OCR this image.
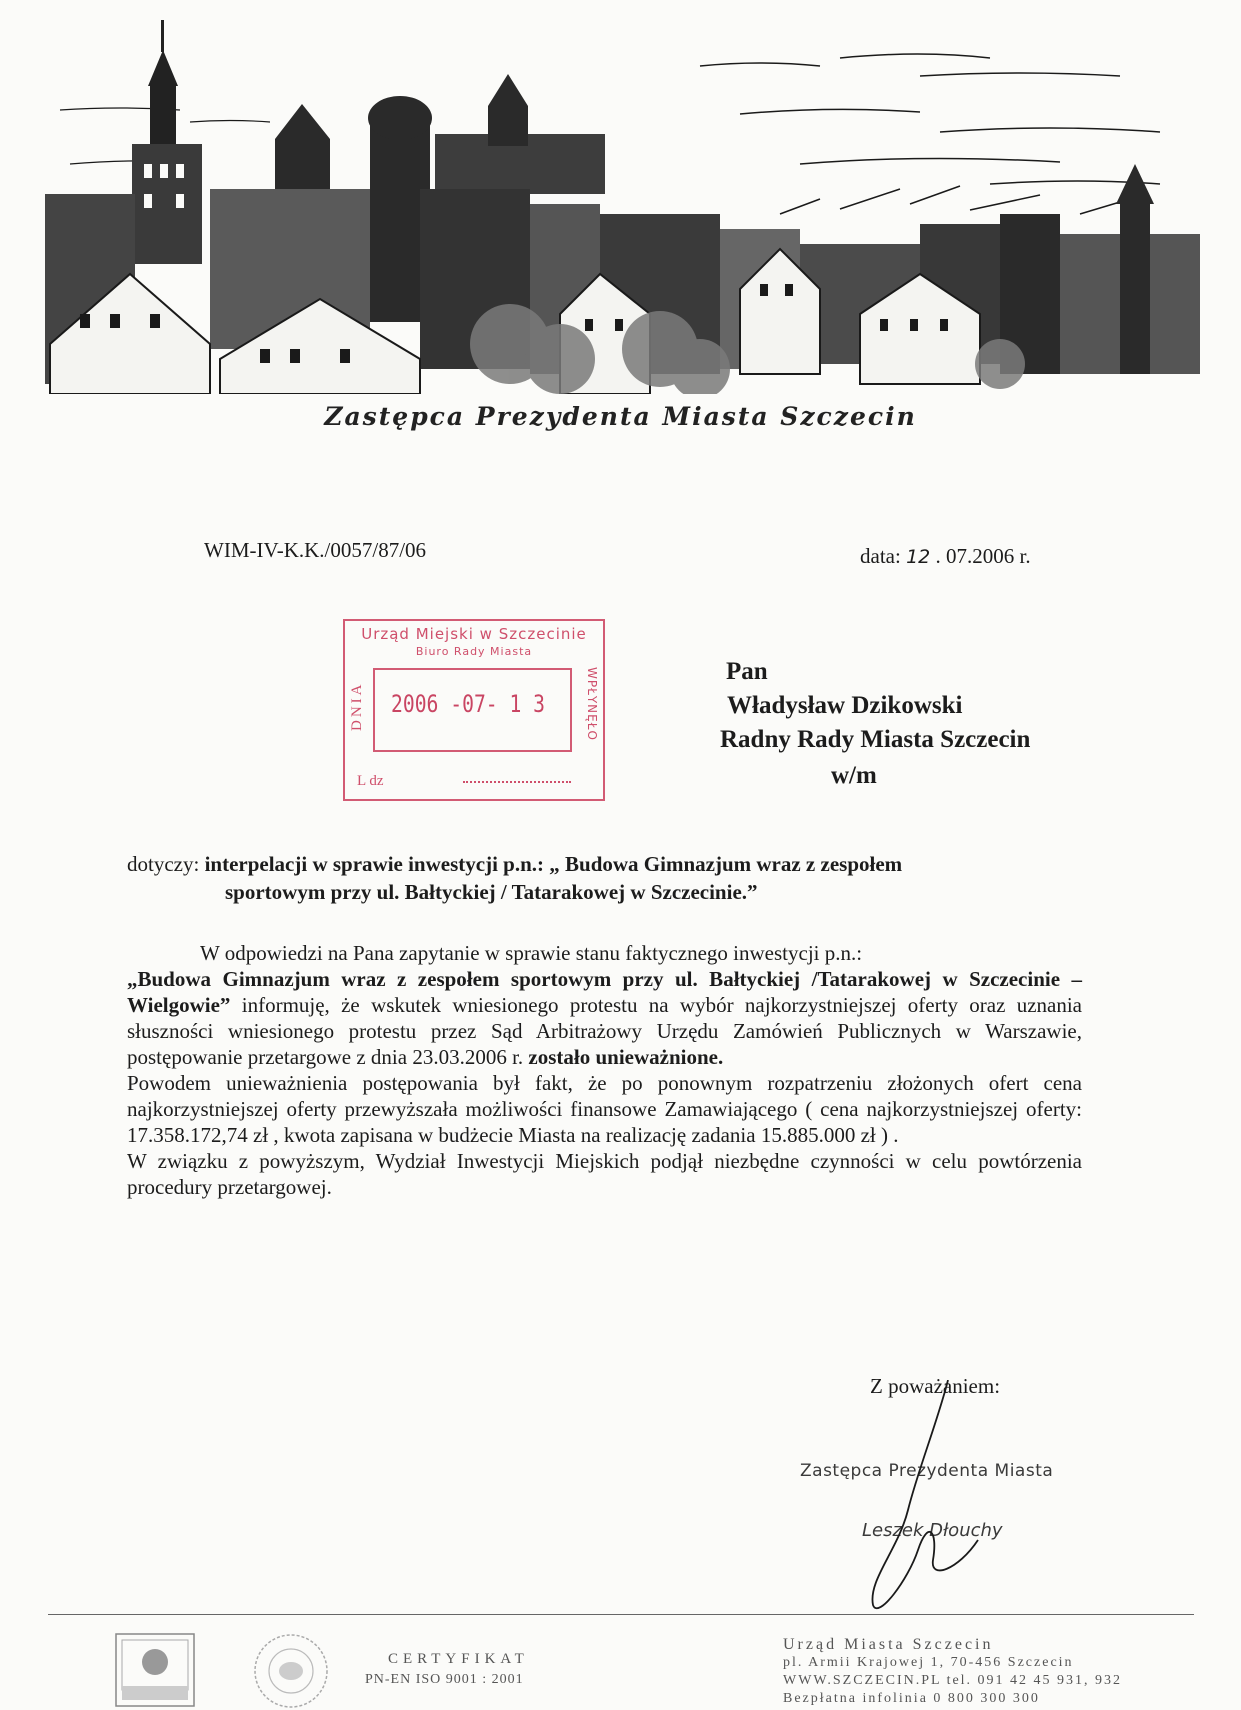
Zastępca Prezydenta Miasta Szczecin
WIM-IV-K.K./0057/87/06	data: 12 . 07.2006 r.
Urząd Miejski w Szczecinie
Biuro Rady Miasta
2006 -07- 1 3
DNIA	WPŁYNĘŁO
L dz
Pan
Władysław Dzikowski
Radny Rady Miasta Szczecin
w/m
dotyczy: interpelacji w sprawie inwestycji p.n.: „ Budowa Gimnazjum wraz z zespołem
sportowym przy ul. Bałtyckiej / Tatarakowej w Szczecinie.”

W odpowiedzi na Pana zapytanie w sprawie stanu faktycznego inwestycji p.n.:
„Budowa Gimnazjum wraz z zespołem sportowym przy ul. Bałtyckiej /Tatarakowej w Szczecinie – Wielgowie” informuję, że wskutek wniesionego protestu na wybór najkorzystniejszej oferty oraz uznania słuszności wniesionego protestu przez Sąd Arbitrażowy Urzędu Zamówień Publicznych w Warszawie, postępowanie przetargowe z dnia 23.03.2006 r. zostało unieważnione.

Powodem unieważnienia postępowania był fakt, że po ponownym rozpatrzeniu złożonych ofert cena najkorzystniejszej oferty przewyższała możliwości finansowe Zamawiającego ( cena najkorzystniejszej oferty: 17.358.172,74 zł , kwota zapisana w budżecie Miasta na realizację zadania 15.885.000 zł ) .

W związku z powyższym, Wydział Inwestycji Miejskich podjął niezbędne czynności w celu powtórzenia procedury przetargowej.

Z poważaniem:
Zastępca Prezydenta Miasta
Leszek Dłouchy
CERTYFIKAT
PN-EN ISO 9001 : 2001
Urząd Miasta Szczecin
pl. Armii Krajowej 1, 70-456 Szczecin
WWW.SZCZECIN.PL tel. 091 42 45 931, 932
Bezpłatna infolinia 0 800 300 300
